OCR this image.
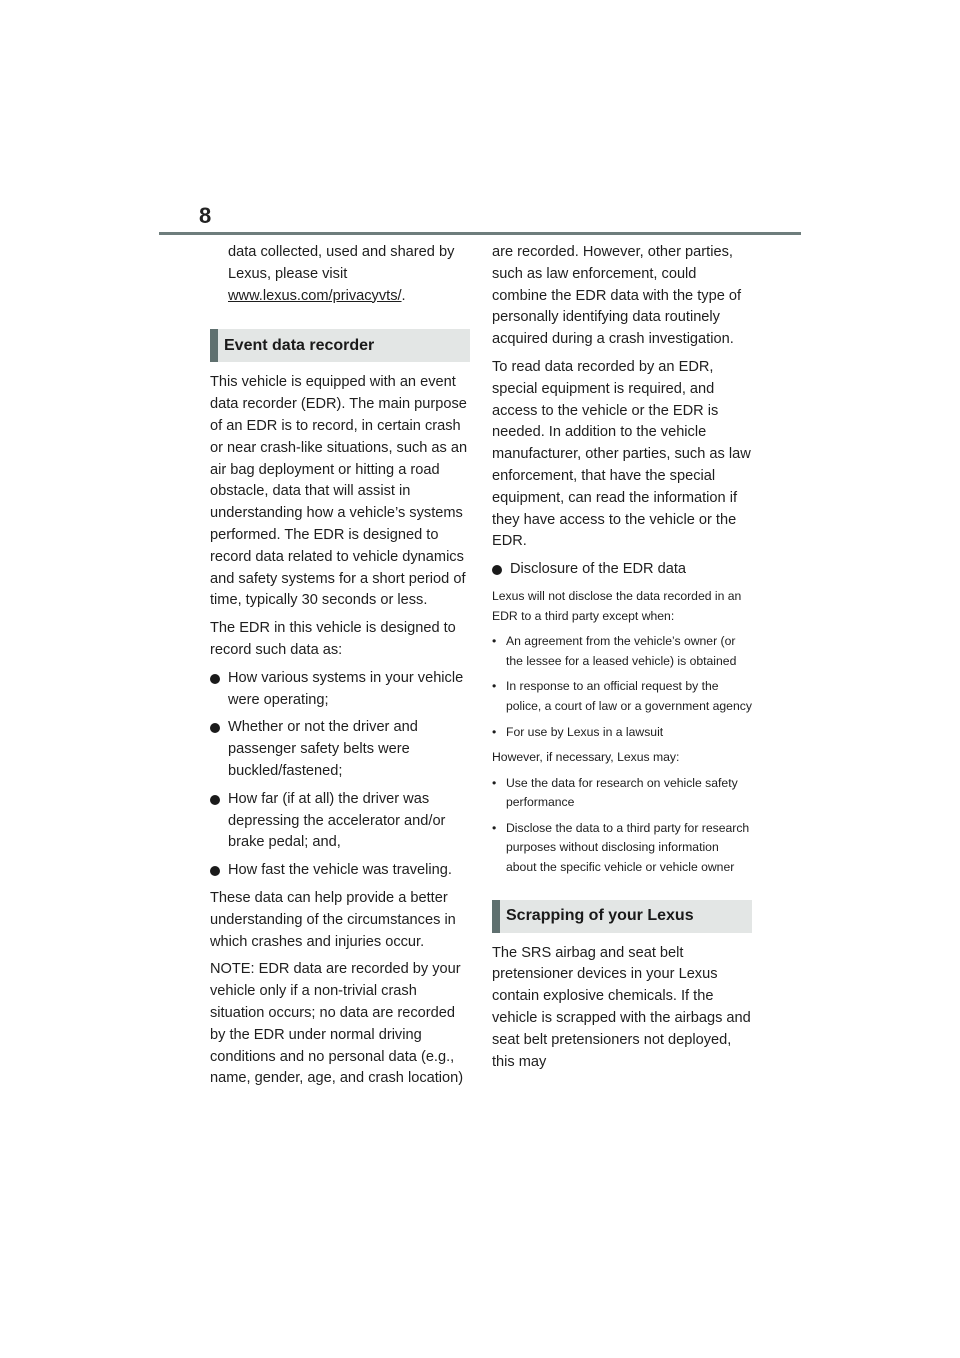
8

data collected, used and shared by Lexus, please visit
www.lexus.com/privacyvts/.

Event data recorder

This vehicle is equipped with an event data recorder (EDR). The main purpose of an EDR is to record, in certain crash or near crash-like situations, such as an air bag deployment or hitting a road obstacle, data that will assist in understanding how a vehicle’s systems performed. The EDR is designed to record data related to vehicle dynamics and safety systems for a short period of time, typically 30 seconds or less.

The EDR in this vehicle is designed to record such data as:

How various systems in your vehicle were operating;
Whether or not the driver and passenger safety belts were buckled/fastened;
How far (if at all) the driver was depressing the accelerator and/or brake pedal; and,
How fast the vehicle was traveling.

These data can help provide a better understanding of the circumstances in which crashes and injuries occur.

NOTE: EDR data are recorded by your vehicle only if a non-trivial crash situation occurs; no data are recorded by the EDR under normal driving conditions and no personal data (e.g., name, gender, age, and crash location)

are recorded. However, other parties, such as law enforcement, could combine the EDR data with the type of personally identifying data routinely acquired during a crash investigation.

To read data recorded by an EDR, special equipment is required, and access to the vehicle or the EDR is needed. In addition to the vehicle manufacturer, other parties, such as law enforcement, that have the special equipment, can read the information if they have access to the vehicle or the EDR.

Disclosure of the EDR data

Lexus will not disclose the data recorded in an EDR to a third party except when:

• An agreement from the vehicle’s owner (or the lessee for a leased vehicle) is obtained
• In response to an official request by the police, a court of law or a government agency
• For use by Lexus in a lawsuit

However, if necessary, Lexus may:

• Use the data for research on vehicle safety performance
• Disclose the data to a third party for research purposes without disclosing information about the specific vehicle or vehicle owner
Scrapping of your Lexus

The SRS airbag and seat belt pretensioner devices in your Lexus contain explosive chemicals. If the vehicle is scrapped with the airbags and seat belt pretensioners not deployed, this may
